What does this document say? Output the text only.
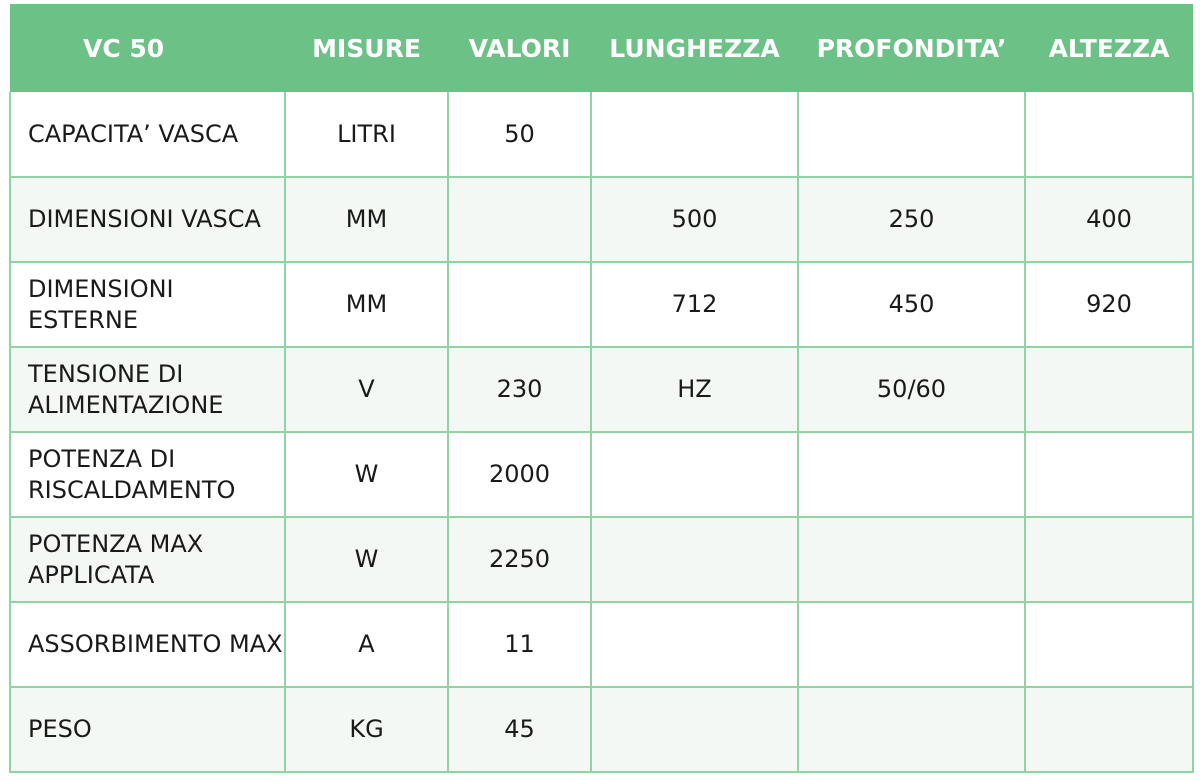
VC 50	MISURE	VALORI	LUNGHEZZA	PROFONDITA’	ALTEZZA
CAPACITA’ VASCA	LITRI	50			
DIMENSIONI VASCA	MM		500	250	400
DIMENSIONI ESTERNE	MM		712	450	920
TENSIONE DI ALIMENTAZIONE	V	230	HZ	50/60	
POTENZA DI RISCALDAMENTO	W	2000			
POTENZA MAX APPLICATA	W	2250			
ASSORBIMENTO MAX	A	11			
PESO	KG	45			
